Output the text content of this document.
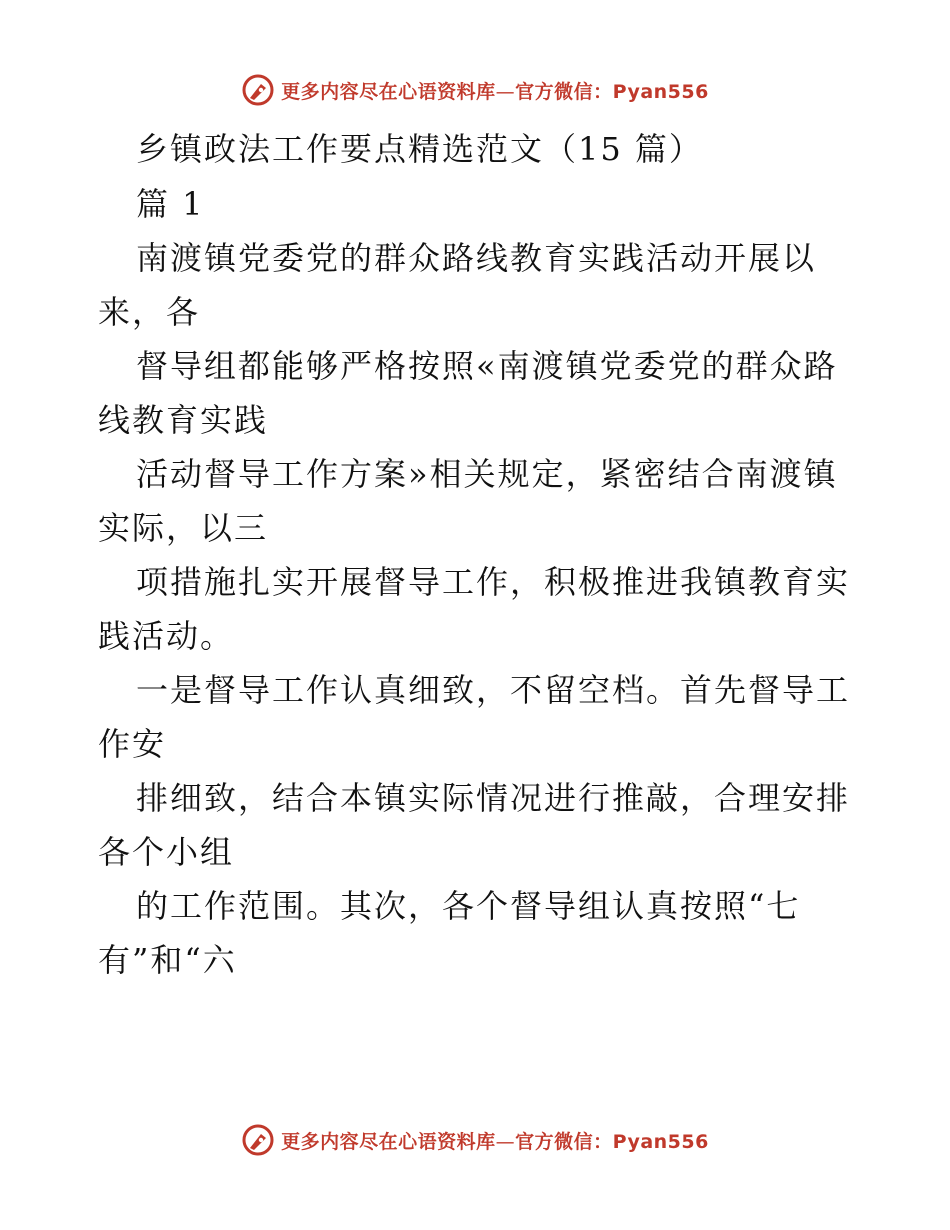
更多内容尽在心语资料库—官方微信：Pyan556
乡镇政法工作要点精选范文（15 篇）
篇 1
南渡镇党委党的群众路线教育实践活动开展以
来，各
督导组都能够严格按照«南渡镇党委党的群众路
线教育实践
活动督导工作方案»相关规定，紧密结合南渡镇
实际，以三
项措施扎实开展督导工作，积极推进我镇教育实
践活动。
一是督导工作认真细致，不留空档。首先督导工
作安
排细致，结合本镇实际情况进行推敲，合理安排
各个小组
的工作范围。其次，各个督导组认真按照“七
有”和“六
更多内容尽在心语资料库—官方微信：Pyan556
